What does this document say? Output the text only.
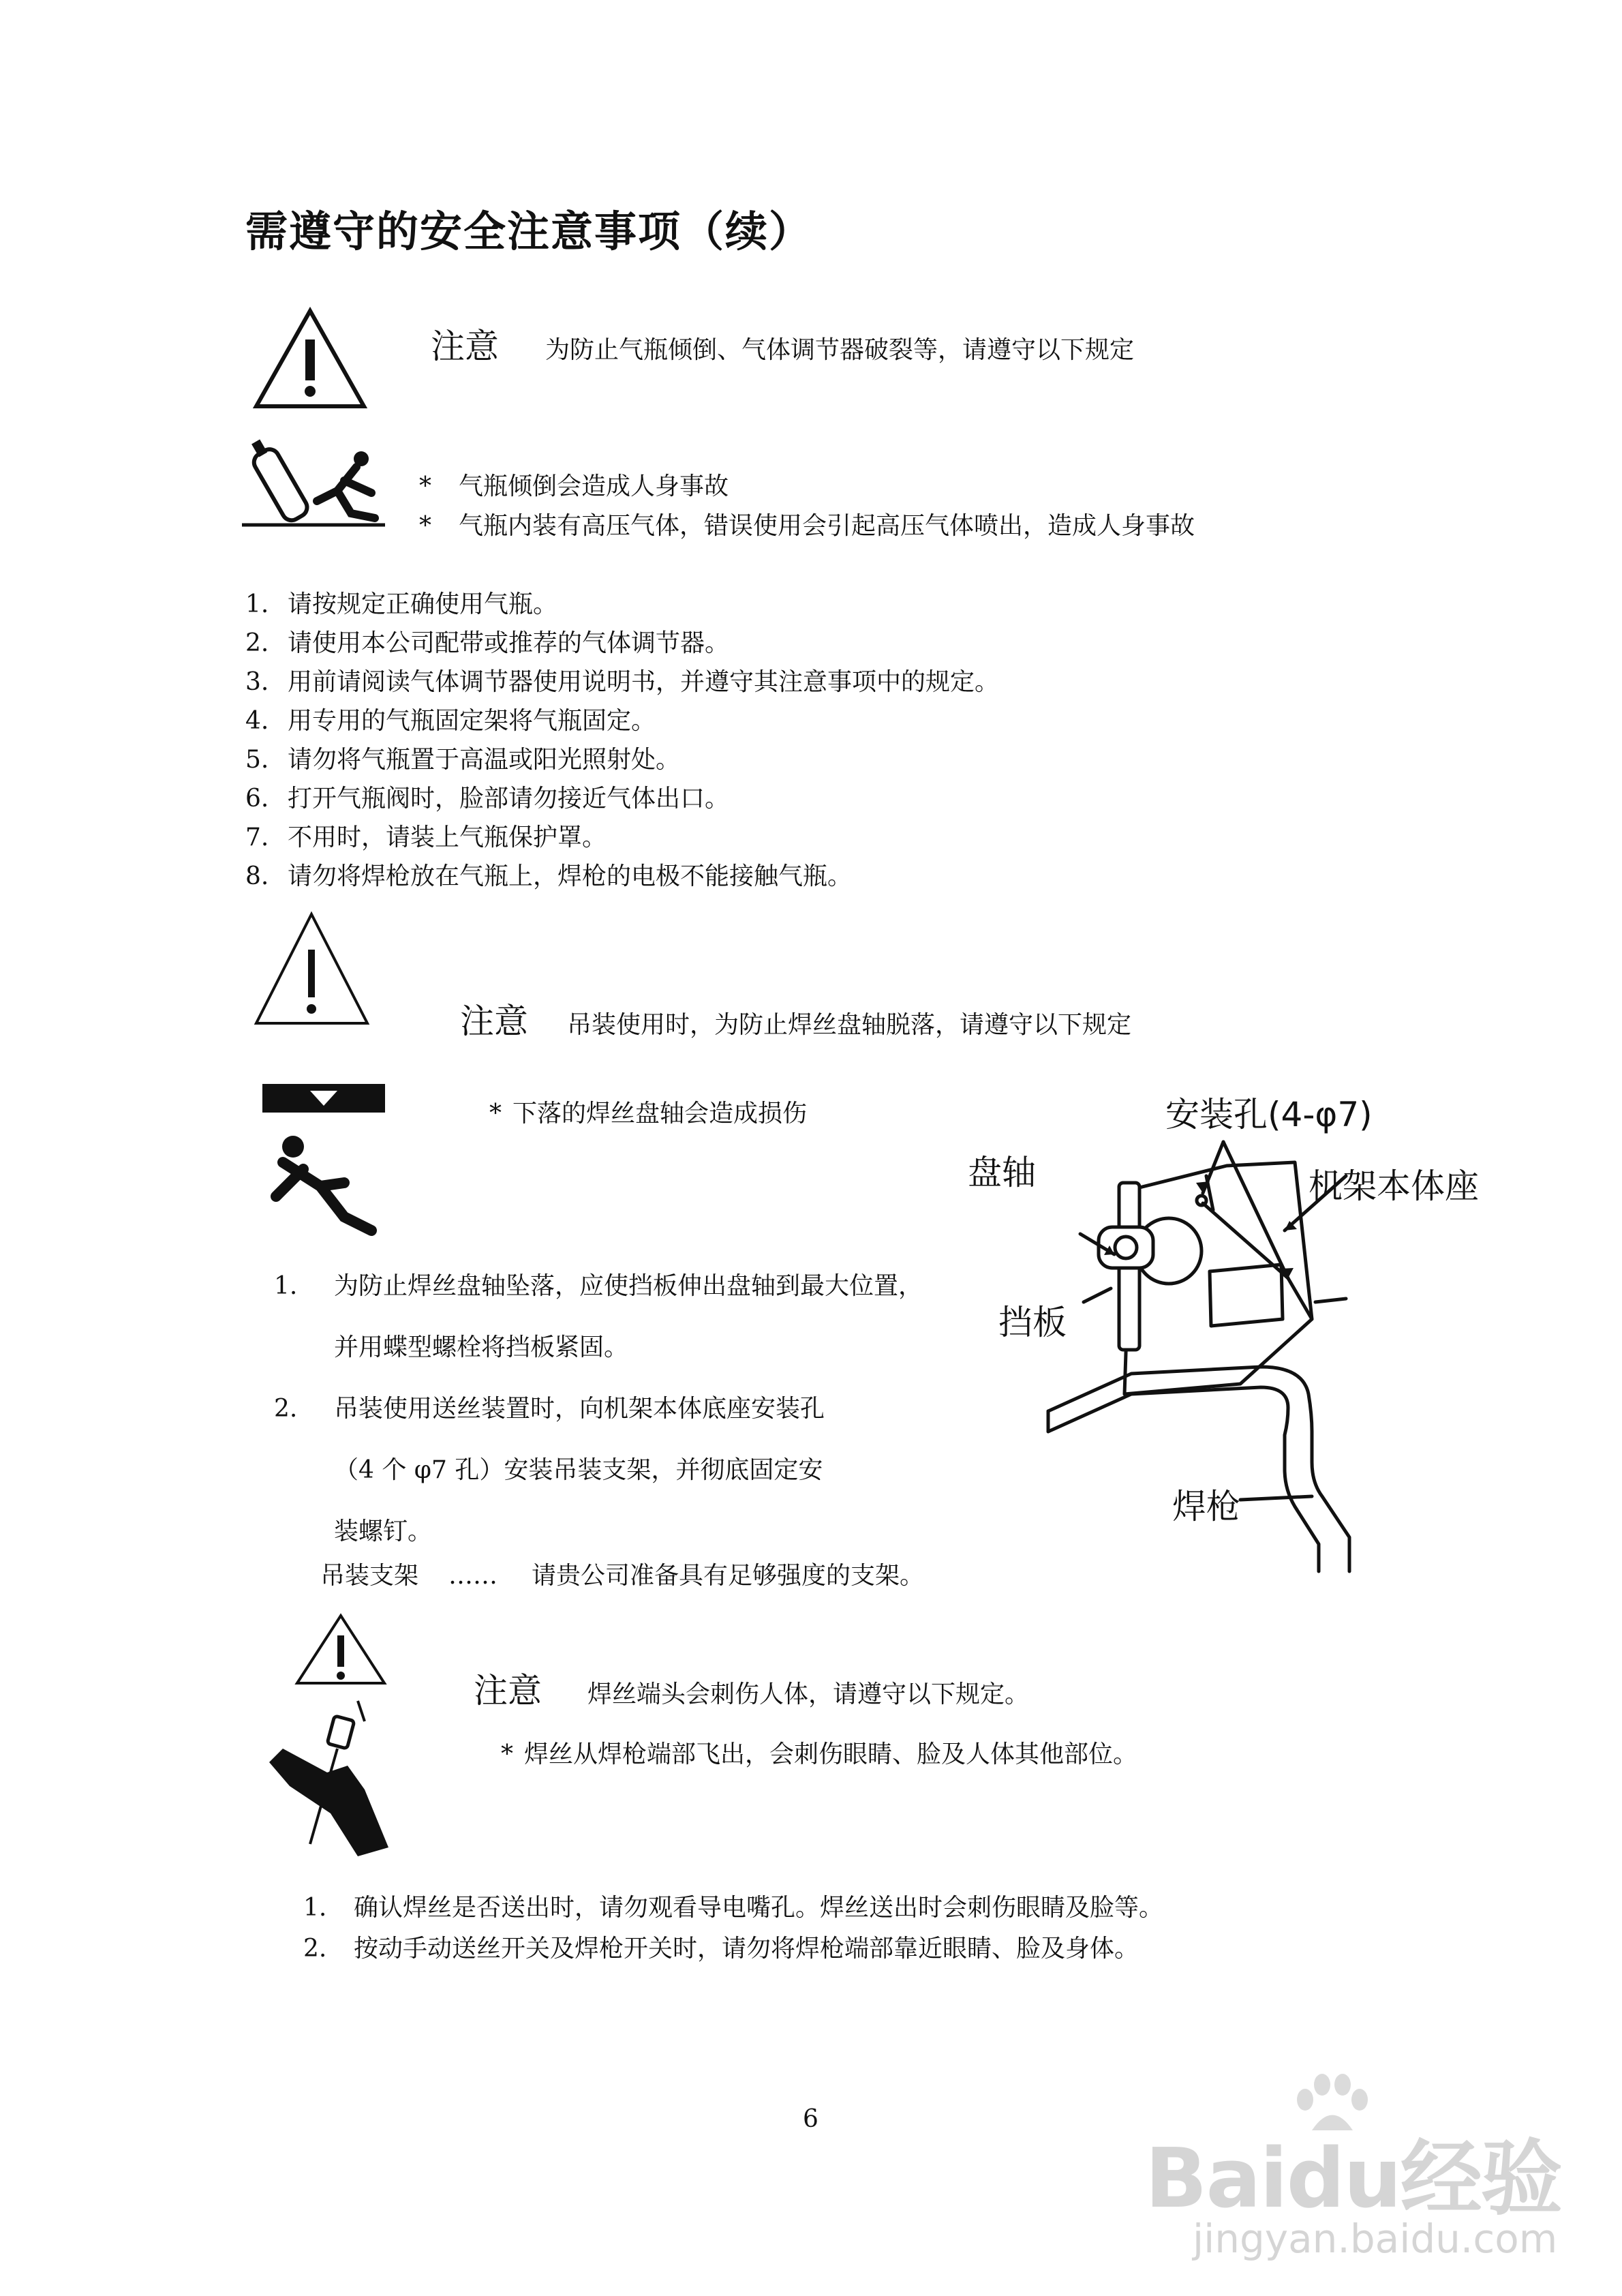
需遵守的安全注意事项（续）
注意 为防止气瓶倾倒、气体调节器破裂等，请遵守以下规定
* 气瓶倾倒会造成人身事故
* 气瓶内装有高压气体，错误使用会引起高压气体喷出，造成人身事故
1. 请按规定正确使用气瓶。
2. 请使用本公司配带或推荐的气体调节器。
3. 用前请阅读气体调节器使用说明书，并遵守其注意事项中的规定。
4. 用专用的气瓶固定架将气瓶固定。
5. 请勿将气瓶置于高温或阳光照射处。
6. 打开气瓶阀时，脸部请勿接近气体出口。
7. 不用时，请装上气瓶保护罩。
8. 请勿将焊枪放在气瓶上，焊枪的电极不能接触气瓶。
注意 吊装使用时，为防止焊丝盘轴脱落，请遵守以下规定
* 下落的焊丝盘轴会造成损伤
1. 为防止焊丝盘轴坠落，应使挡板伸出盘轴到最大位置，
并用蝶型螺栓将挡板紧固。
2. 吊装使用送丝装置时，向机架本体底座安装孔
（4 个 φ7 孔）安装吊装支架，并彻底固定安
装螺钉。
吊装支架 …… 请贵公司准备具有足够强度的支架。
安装孔(4-φ7)
盘轴	机架本体座
挡板
焊枪
注意 焊丝端头会刺伤人体，请遵守以下规定。
* 焊丝从焊枪端部飞出，会刺伤眼睛、脸及人体其他部位。
1. 确认焊丝是否送出时，请勿观看导电嘴孔。焊丝送出时会刺伤眼睛及脸等。
2. 按动手动送丝开关及焊枪开关时，请勿将焊枪端部靠近眼睛、脸及身体。
6
Baidu经验
jingyan.baidu.com
